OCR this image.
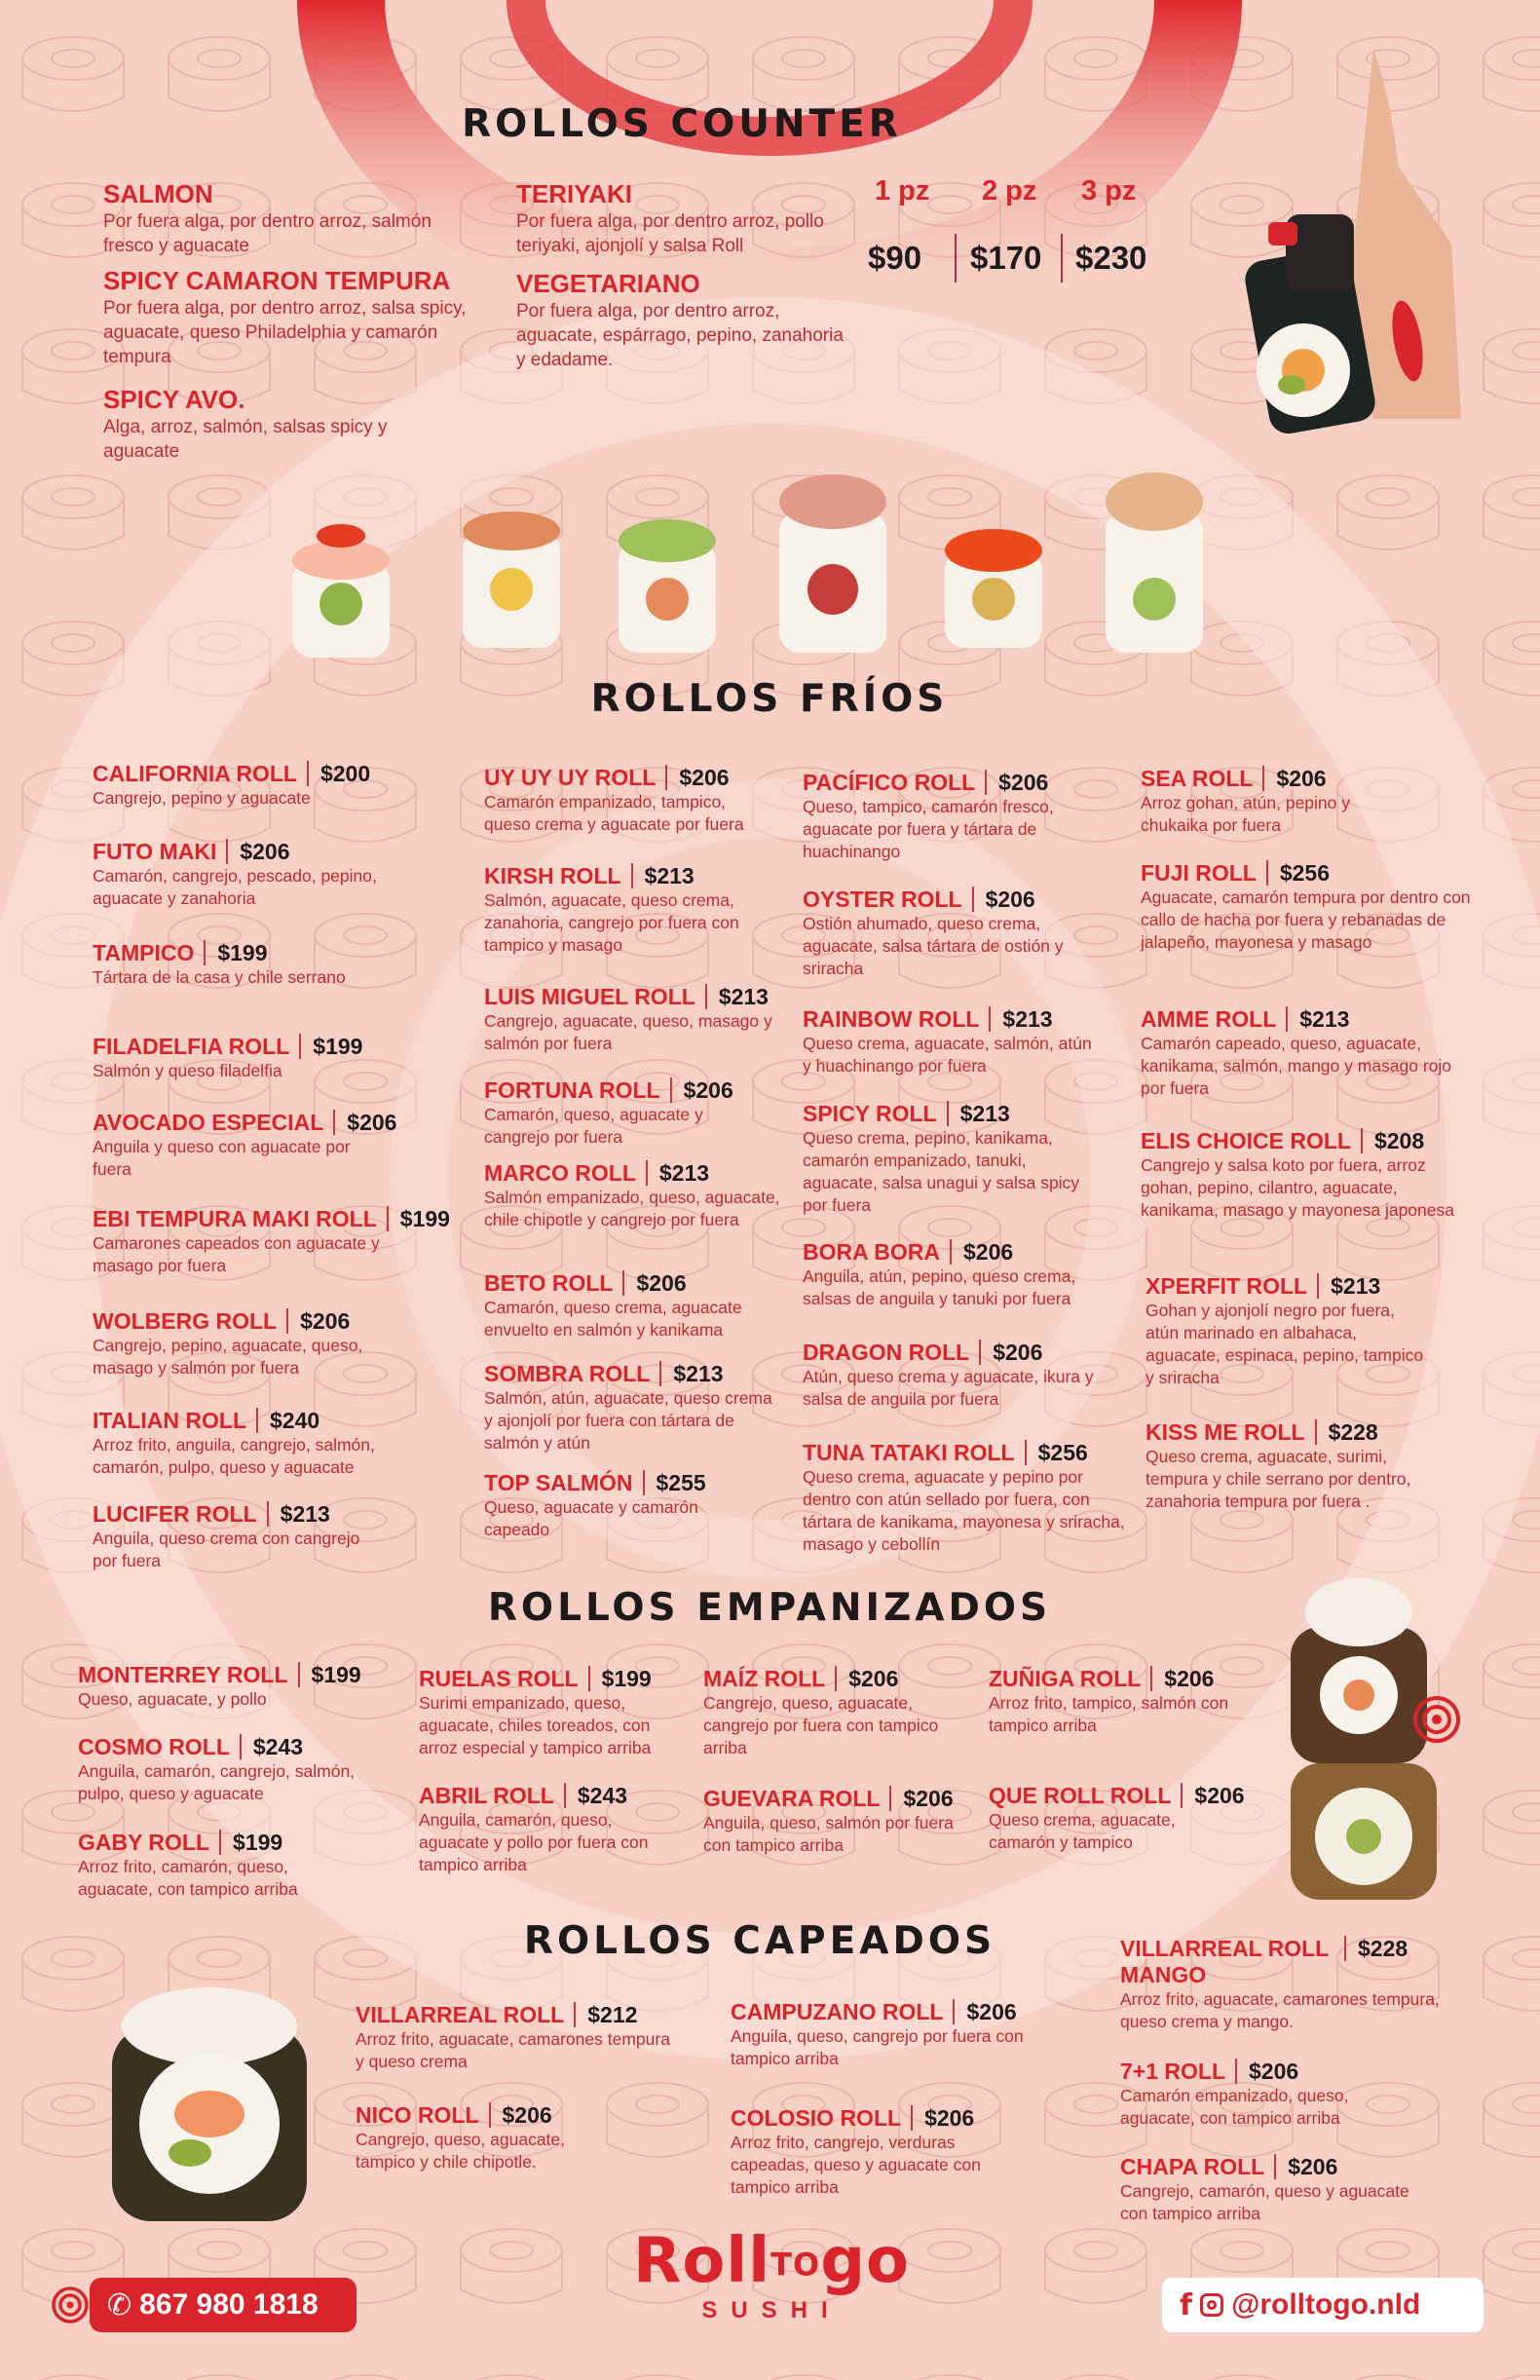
ROLLOS COUNTER
SALMON
Por fuera alga, por dentro arroz, salmón fresco y aguacate
SPICY CAMARON TEMPURA
Por fuera alga, por dentro arroz, salsa spicy, aguacate, queso Philadelphia y camarón tempura
SPICY AVO.
Alga, arroz, salmón, salsas spicy y aguacate
TERIYAKI
Por fuera alga, por dentro arroz, pollo teriyaki, ajonjolí y salsa Roll
VEGETARIANO
Por fuera alga, por dentro arroz, aguacate, espárrago, pepino, zanahoria y edadame.
1 pz 2 pz 3 pz
$90 $170 $230
ROLLOS FRÍOS
CALIFORNIA ROLL $200
Cangrejo, pepino y aguacate
FUTO MAKI $206
Camarón, cangrejo, pescado, pepino, aguacate y zanahoria
TAMPICO $199
Tártara de la casa y chile serrano
FILADELFIA ROLL $199
Salmón y queso filadelfia
AVOCADO ESPECIAL $206
Anguila y queso con aguacate por fuera
EBI TEMPURA MAKI ROLL $199
Camarones capeados con aguacate y masago por fuera
WOLBERG ROLL $206
Cangrejo, pepino, aguacate, queso, masago y salmón por fuera
ITALIAN ROLL $240
Arroz frito, anguila, cangrejo, salmón, camarón, pulpo, queso y aguacate
LUCIFER ROLL $213
Anguila, queso crema con cangrejo por fuera
UY UY UY ROLL $206
Camarón empanizado, tampico, queso crema y aguacate por fuera
KIRSH ROLL $213
Salmón, aguacate, queso crema, zanahoria, cangrejo por fuera con tampico y masago
LUIS MIGUEL ROLL $213
Cangrejo, aguacate, queso, masago y salmón por fuera
FORTUNA ROLL $206
Camarón, queso, aguacate y cangrejo por fuera
MARCO ROLL $213
Salmón empanizado, queso, aguacate, chile chipotle y cangrejo por fuera
BETO ROLL $206
Camarón, queso crema, aguacate envuelto en salmón y kanikama
SOMBRA ROLL $213
Salmón, atún, aguacate, queso crema y ajonjolí por fuera con tártara de salmón y atún
TOP SALMÓN $255
Queso, aguacate y camarón capeado
PACÍFICO ROLL $206
Queso, tampico, camarón fresco, aguacate por fuera y tártara de huachinango
OYSTER ROLL $206
Ostión ahumado, queso crema, aguacate, salsa tártara de ostión y sriracha
RAINBOW ROLL $213
Queso crema, aguacate, salmón, atún y huachinango por fuera
SPICY ROLL $213
Queso crema, pepino, kanikama, camarón empanizado, tanuki, aguacate, salsa unagui y salsa spicy por fuera
BORA BORA $206
Anguila, atún, pepino, queso crema, salsas de anguila y tanuki por fuera
DRAGON ROLL $206
Atún, queso crema y aguacate, ikura y salsa de anguila por fuera
TUNA TATAKI ROLL $256
Queso crema, aguacate y pepino por dentro con atún sellado por fuera, con tártara de kanikama, mayonesa y sriracha, masago y cebollín
SEA ROLL $206
Arroz gohan, atún, pepino y chukaika por fuera
FUJI ROLL $256
Aguacate, camarón tempura por dentro con callo de hacha por fuera y rebanadas de jalapeño, mayonesa y masago
AMME ROLL $213
Camarón capeado, queso, aguacate, kanikama, salmón, mango y masago rojo por fuera
ELIS CHOICE ROLL $208
Cangrejo y salsa koto por fuera, arroz gohan, pepino, cilantro, aguacate, kanikama, masago y mayonesa japonesa
XPERFIT ROLL $213
Gohan y ajonjolí negro por fuera, atún marinado en albahaca, aguacate, espinaca, pepino, tampico y sriracha
KISS ME ROLL $228
Queso crema, aguacate, surimi, tempura y chile serrano por dentro, zanahoria tempura por fuera .
ROLLOS EMPANIZADOS
MONTERREY ROLL $199
Queso, aguacate, y pollo
COSMO ROLL $243
Anguila, camarón, cangrejo, salmón, pulpo, queso y aguacate
GABY ROLL $199
Arroz frito, camarón, queso, aguacate, con tampico arriba
RUELAS ROLL $199
Surimi empanizado, queso, aguacate, chiles toreados, con arroz especial y tampico arriba
ABRIL ROLL $243
Anguila, camarón, queso, aguacate y pollo por fuera con tampico arriba
MAÍZ ROLL $206
Cangrejo, queso, aguacate, cangrejo por fuera con tampico arriba
GUEVARA ROLL $206
Anguila, queso, salmón por fuera con tampico arriba
ZUÑIGA ROLL $206
Arroz frito, tampico, salmón con tampico arriba
QUE ROLL ROLL $206
Queso crema, aguacate, camarón y tampico
ROLLOS CAPEADOS
VILLARREAL ROLL $212
Arroz frito, aguacate, camarones tempura y queso crema
NICO ROLL $206
Cangrejo, queso, aguacate, tampico y chile chipotle.
CAMPUZANO ROLL $206
Anguila, queso, cangrejo por fuera con tampico arriba
COLOSIO ROLL $206
Arroz frito, cangrejo, verduras capeadas, queso y aguacate con tampico arriba
VILLARREAL ROLL MANGO$228
Arroz frito, aguacate, camarones tempura, queso crema y mango.
7+1 ROLL $206
Camarón empanizado, queso, aguacate, con tampico arriba
CHAPA ROLL $206
Cangrejo, camarón, queso y aguacate con tampico arriba
✆ 867 980 1818
RollTOgo
SUSHI	f @rolltogo.nld
